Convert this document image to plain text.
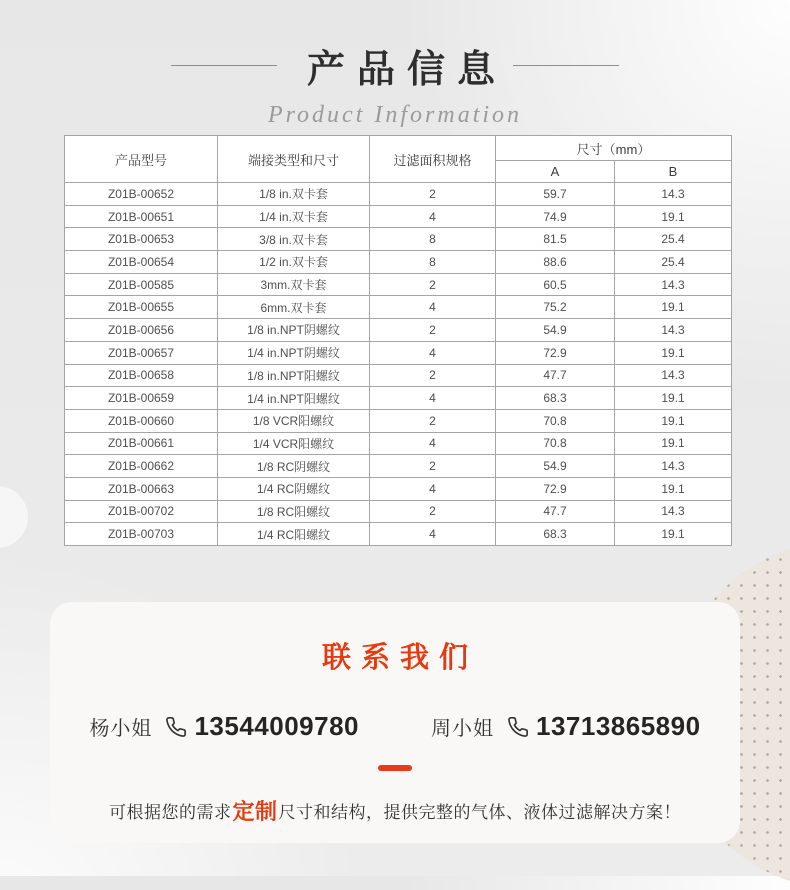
产品信息
Product Information
产品型号	端接类型和尺寸	过滤面积规格	尺寸（mm）	
			A	B
Z01B-00652	1/8 in.双卡套	2	59.7	14.3
Z01B-00651	1/4 in.双卡套	4	74.9	19.1
Z01B-00653	3/8 in.双卡套	8	81.5	25.4
Z01B-00654	1/2 in.双卡套	8	88.6	25.4
Z01B-00585	3mm.双卡套	2	60.5	14.3
Z01B-00655	6mm.双卡套	4	75.2	19.1
Z01B-00656	1/8 in.NPT阴螺纹	2	54.9	14.3
Z01B-00657	1/4 in.NPT阴螺纹	4	72.9	19.1
Z01B-00658	1/8 in.NPT阳螺纹	2	47.7	14.3
Z01B-00659	1/4 in.NPT阳螺纹	4	68.3	19.1
Z01B-00660	1/8 VCR阳螺纹	2	70.8	19.1
Z01B-00661	1/4 VCR阳螺纹	4	70.8	19.1
Z01B-00662	1/8 RC阴螺纹	2	54.9	14.3
Z01B-00663	1/4 RC阴螺纹	4	72.9	19.1
Z01B-00702	1/8 RC阳螺纹	2	47.7	14.3
Z01B-00703	1/4 RC阳螺纹	4	68.3	19.1
联系我们
杨小姐 13544009780	周小姐 13713865890
可根据您的需求定制尺寸和结构，提供完整的气体、液体过滤解决方案！
